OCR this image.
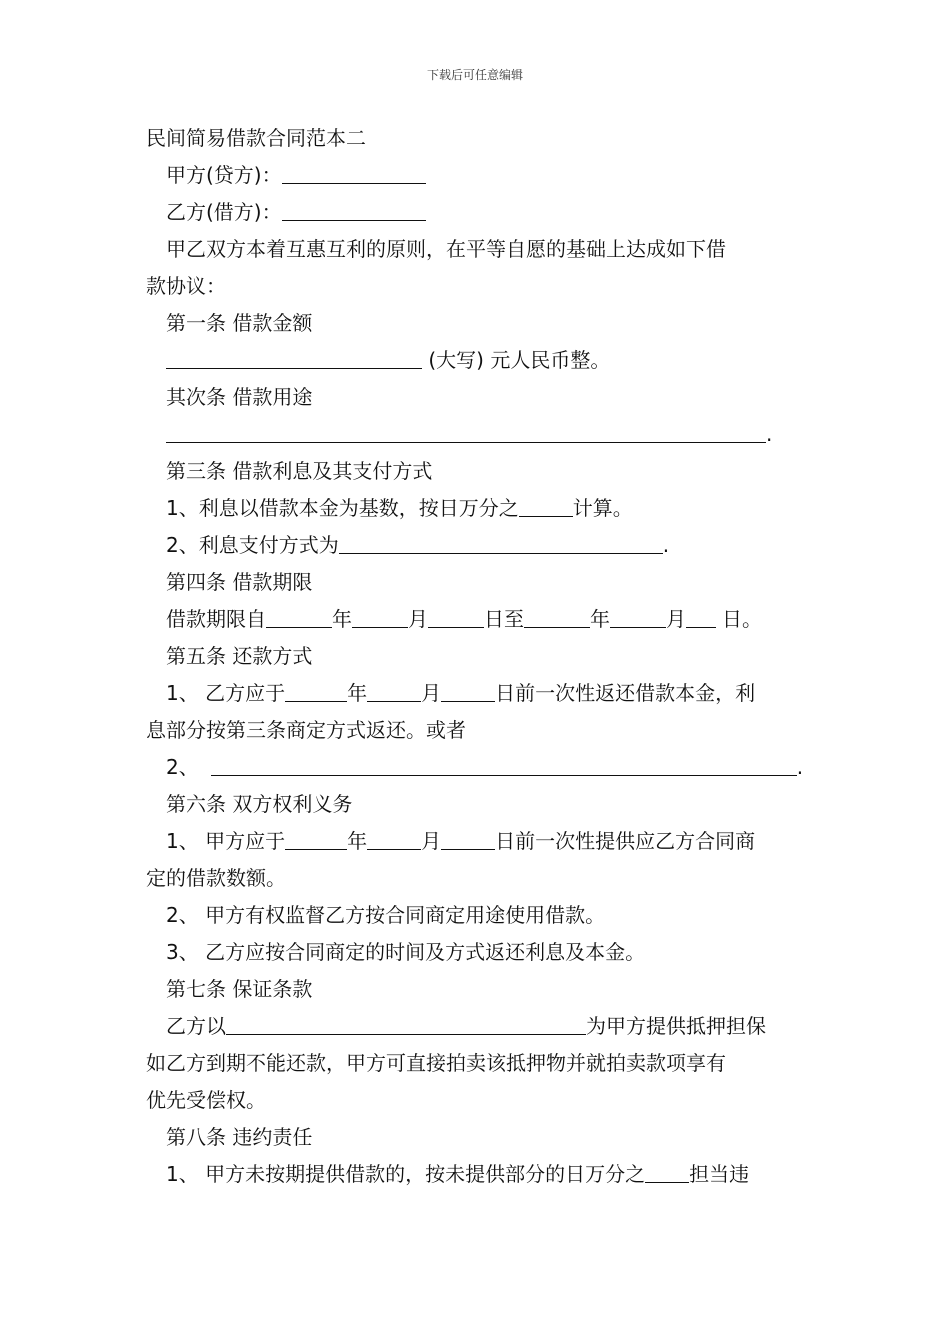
下载后可任意编辑
民间简易借款合同范本二
甲方(贷方)：
乙方(借方)：
甲乙双方本着互惠互利的原则，在平等自愿的基础上达成如下借
款协议：
第一条 借款金额
(大写) 元人民币整。
其次条 借款用途
.
第三条 借款利息及其支付方式
1、利息以借款本金为基数，按日万分之	计算。
2、利息支付方式为	.
第四条 借款期限
借款期限自	年	月	日至	年	月 日。
第五条 还款方式
1、 乙方应于	年	月	日前一次性返还借款本金，利
息部分按第三条商定方式返还。或者
2、	.
第六条 双方权利义务
1、 甲方应于	年	月	日前一次性提供应乙方合同商
定的借款数额。
2、 甲方有权监督乙方按合同商定用途使用借款。
3、 乙方应按合同商定的时间及方式返还利息及本金。
第七条 保证条款
乙方以	为甲方提供抵押担保
如乙方到期不能还款，甲方可直接拍卖该抵押物并就拍卖款项享有
优先受偿权。
第八条 违约责任
1、 甲方未按期提供借款的，按未提供部分的日万分之 担当违
